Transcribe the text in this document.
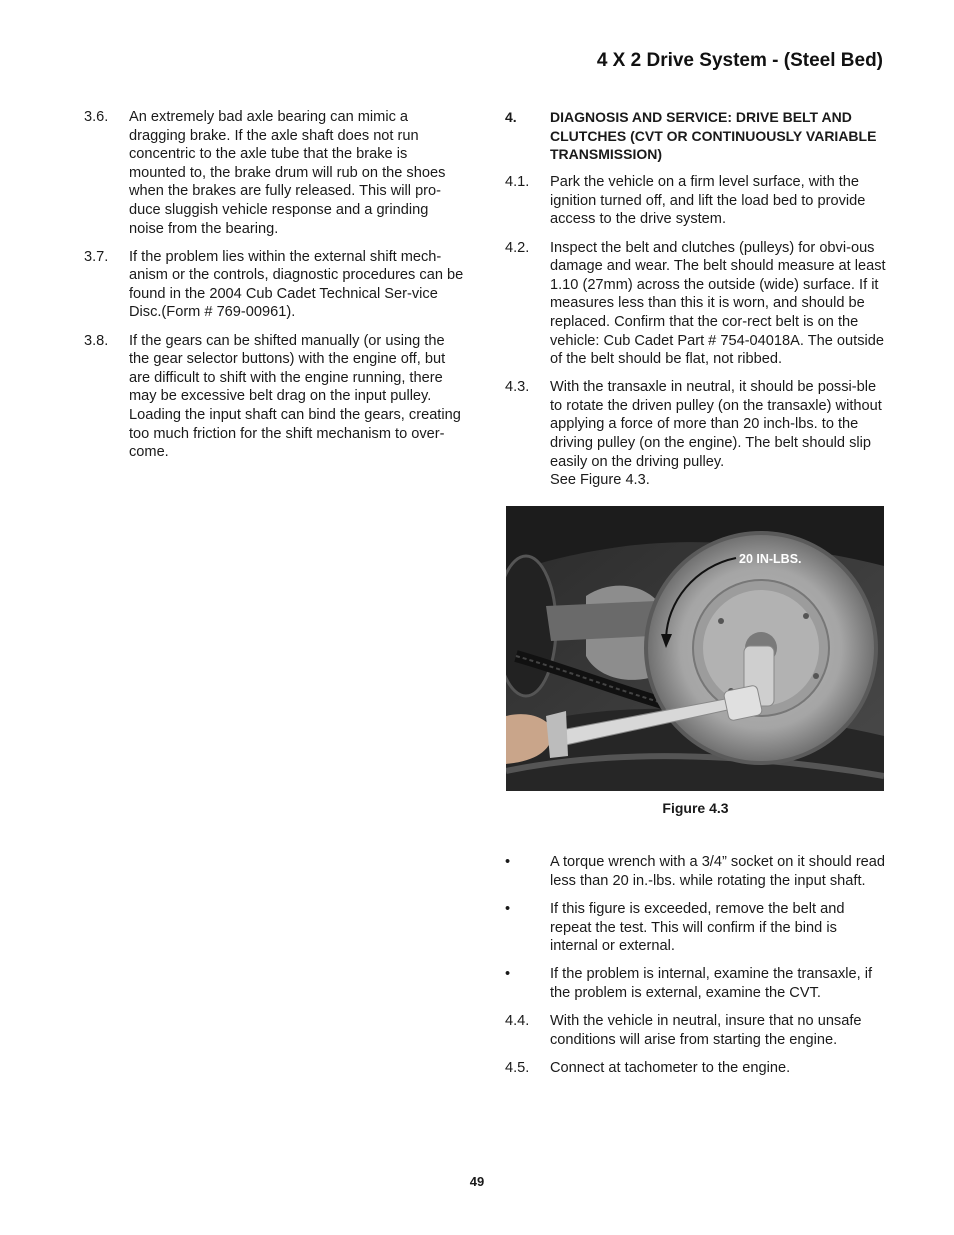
4 X 2 Drive System - (Steel Bed)
3.6. An extremely bad axle bearing can mimic a dragging brake. If the axle shaft does not run concentric to the axle tube that the brake is mounted to, the brake drum will rub on the shoes when the brakes are fully released. This will pro-duce sluggish vehicle response and a grinding noise from the bearing.
3.7. If the problem lies within the external shift mech-anism or the controls, diagnostic procedures can be found in the 2004 Cub Cadet Technical Ser-vice Disc.(Form # 769-00961).
3.8. If the gears can be shifted manually (or using the the gear selector buttons) with the engine off, but are difficult to shift with the engine running, there may be excessive belt drag on the input pulley. Loading the input shaft can bind the gears, creating too much friction for the shift mechanism to over-come.
4. DIAGNOSIS AND SERVICE: DRIVE BELT AND CLUTCHES (CVT OR CONTINUOUSLY VARIABLE TRANSMISSION)
4.1. Park the vehicle on a firm level surface, with the ignition turned off, and lift the load bed to provide access to the drive system.
4.2. Inspect the belt and clutches (pulleys) for obvi-ous damage and wear. The belt should measure at least 1.10 (27mm) across the outside (wide) surface. If it measures less than this it is worn, and should be replaced. Confirm that the cor-rect belt is on the vehicle: Cub Cadet Part # 754-04018A. The outside of the belt should be flat, not ribbed.
4.3. With the transaxle in neutral, it should be possi-ble to rotate the driven pulley (on the transaxle) without applying a force of more than 20 inch-lbs. to the driving pulley (on the engine). The belt should slip easily on the driving pulley.
See Figure 4.3.
20 IN-LBS.
Figure 4.3
•	A torque wrench with a 3/4” socket on it should read less than 20 in.-lbs. while rotating the input shaft.
•	If this figure is exceeded, remove the belt and repeat the test. This will confirm if the bind is internal or external.
•	If the problem is internal, examine the transaxle, if the problem is external, examine the CVT.
4.4. With the vehicle in neutral, insure that no unsafe conditions will arise from starting the engine.
4.5. Connect at tachometer to the engine.
49
